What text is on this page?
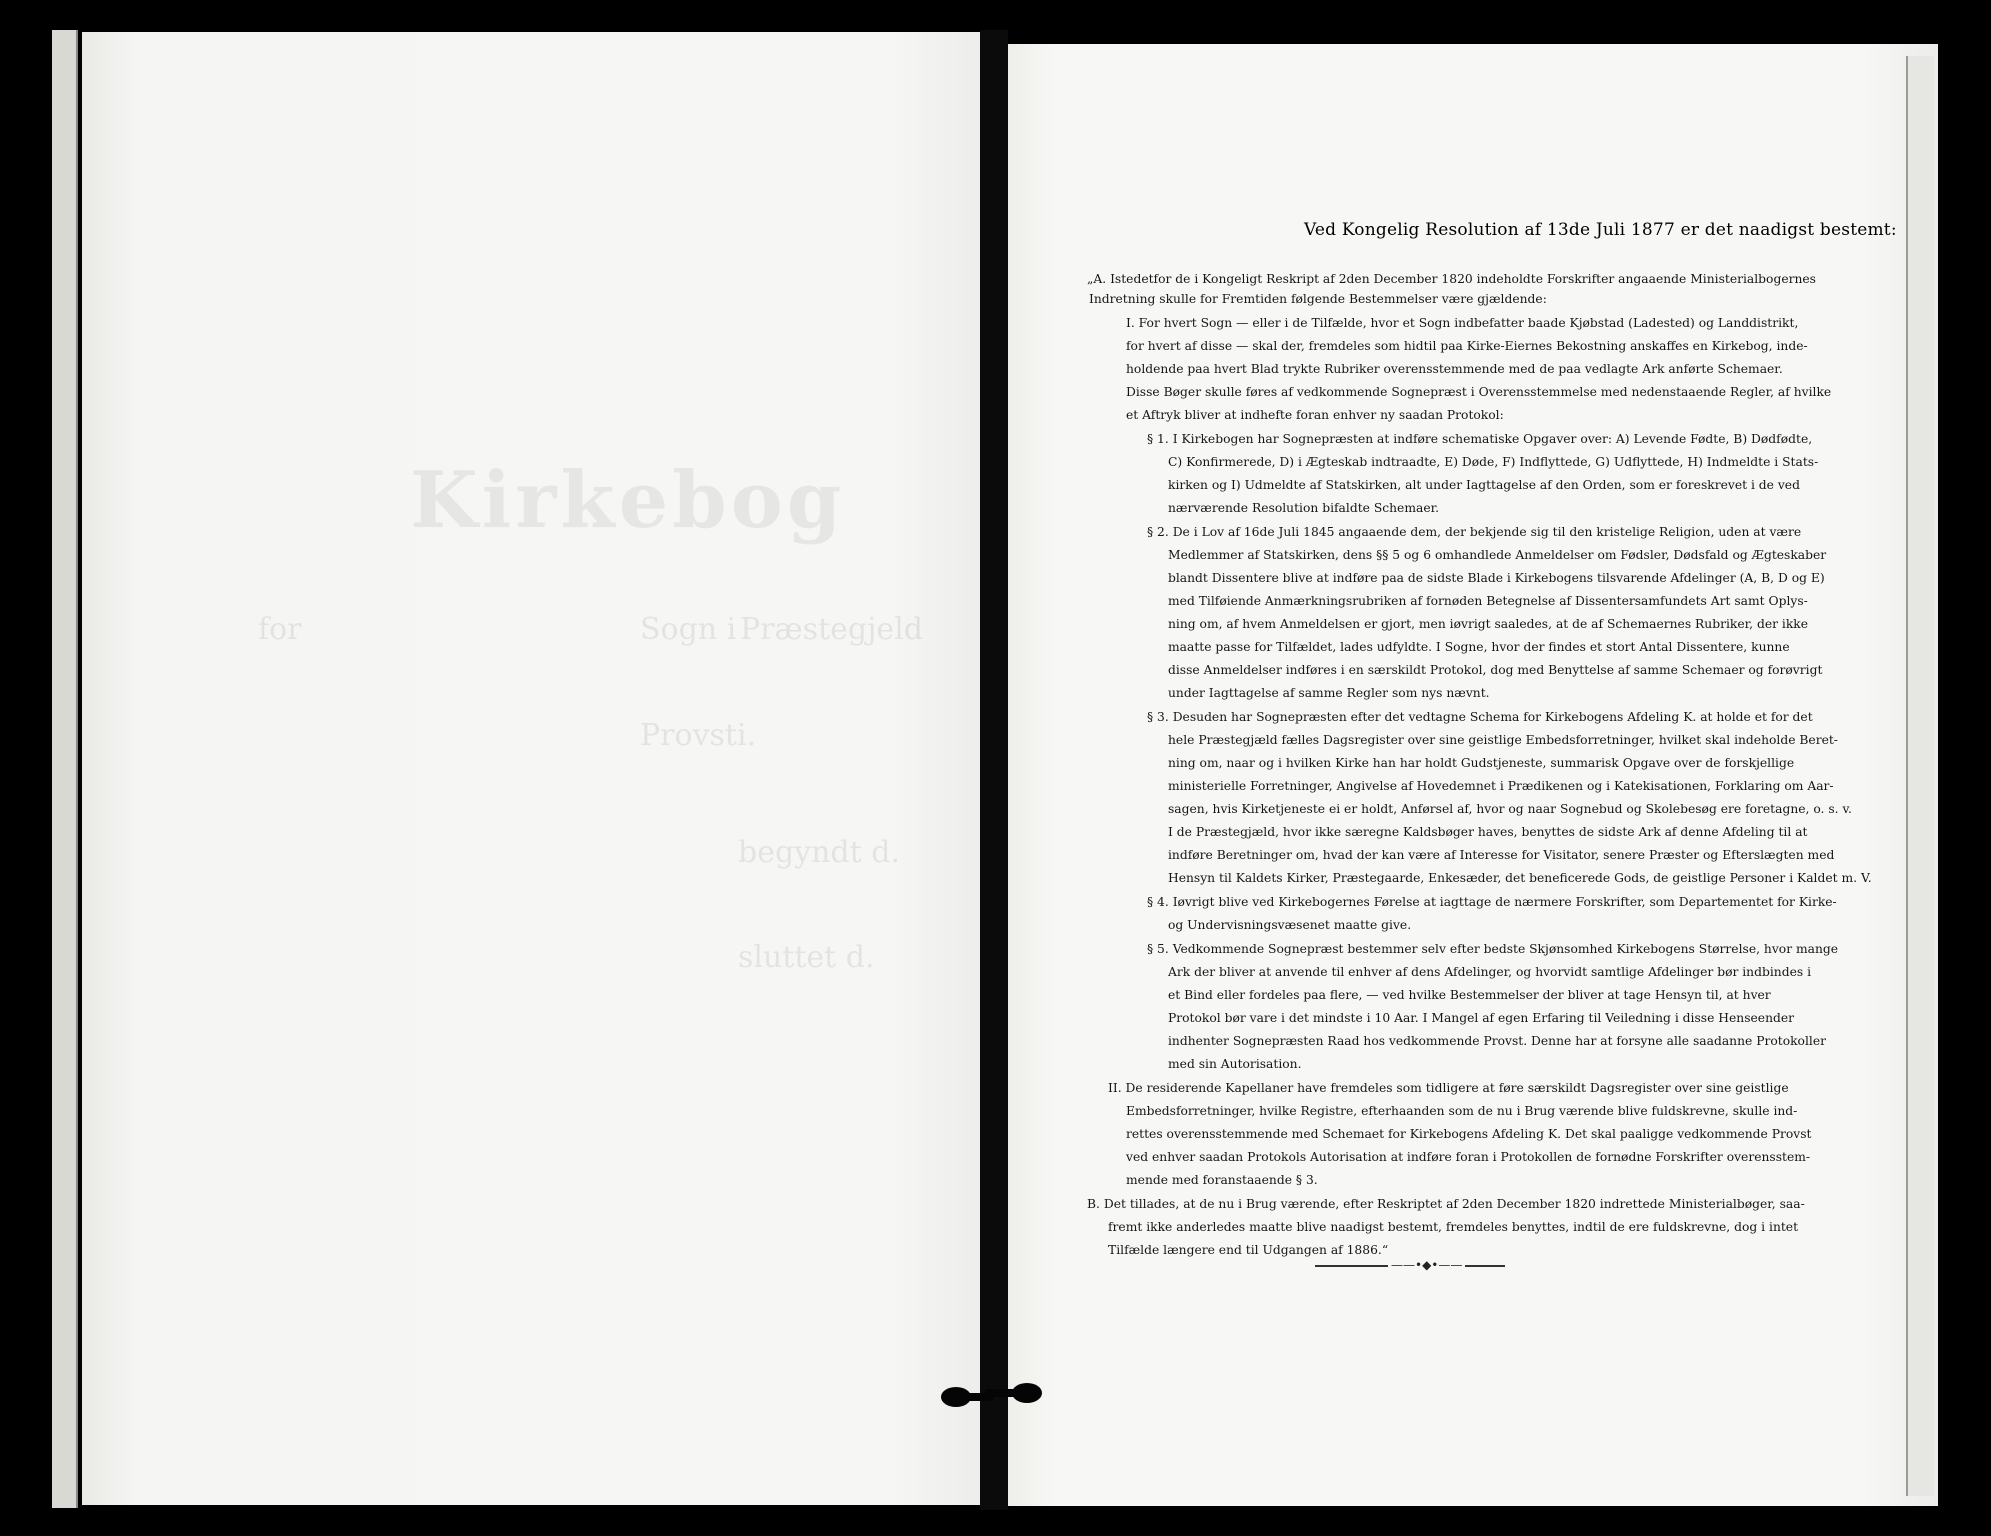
Kirkebog
for	Sogn i
Provsti.
begyndt d.
sluttet d.
Præstegjeld
Ved Kongelig Resolution af 13de Juli 1877 er det naadigst bestemt:
„A. Istedetfor de i Kongeligt Reskript af 2den December 1820 indeholdte Forskrifter angaaende Ministerialbogernes
Indretning skulle for Fremtiden følgende Bestemmelser være gjældende:
I. For hvert Sogn — eller i de Tilfælde, hvor et Sogn indbefatter baade Kjøbstad (Ladested) og Landdistrikt,
for hvert af disse — skal der, fremdeles som hidtil paa Kirke-Eiernes Bekostning anskaffes en Kirkebog, inde-
holdende paa hvert Blad trykte Rubriker overensstemmende med de paa vedlagte Ark anførte Schemaer.
Disse Bøger skulle føres af vedkommende Sognepræst i Overensstemmelse med nedenstaaende Regler, af hvilke
et Aftryk bliver at indhefte foran enhver ny saadan Protokol:
§ 1. I Kirkebogen har Sognepræsten at indføre schematiske Opgaver over: A) Levende Fødte, B) Dødfødte,
C) Konfirmerede, D) i Ægteskab indtraadte, E) Døde, F) Indflyttede, G) Udflyttede, H) Indmeldte i Stats-
kirken og I) Udmeldte af Statskirken, alt under Iagttagelse af den Orden, som er foreskrevet i de ved
nærværende Resolution bifaldte Schemaer.
§ 2. De i Lov af 16de Juli 1845 angaaende dem, der bekjende sig til den kristelige Religion, uden at være
Medlemmer af Statskirken, dens §§ 5 og 6 omhandlede Anmeldelser om Fødsler, Dødsfald og Ægteskaber
blandt Dissentere blive at indføre paa de sidste Blade i Kirkebogens tilsvarende Afdelinger (A, B, D og E)
med Tilføiende Anmærkningsrubriken af fornøden Betegnelse af Dissentersamfundets Art samt Oplys-
ning om, af hvem Anmeldelsen er gjort, men iøvrigt saaledes, at de af Schemaernes Rubriker, der ikke
maatte passe for Tilfældet, lades udfyldte. I Sogne, hvor der findes et stort Antal Dissentere, kunne
disse Anmeldelser indføres i en særskildt Protokol, dog med Benyttelse af samme Schemaer og forøvrigt
under Iagttagelse af samme Regler som nys nævnt.
§ 3. Desuden har Sognepræsten efter det vedtagne Schema for Kirkebogens Afdeling K. at holde et for det
hele Præstegjæld fælles Dagsregister over sine geistlige Embedsforretninger, hvilket skal indeholde Beret-
ning om, naar og i hvilken Kirke han har holdt Gudstjeneste, summarisk Opgave over de forskjellige
ministerielle Forretninger, Angivelse af Hovedemnet i Prædikenen og i Katekisationen, Forklaring om Aar-
sagen, hvis Kirketjeneste ei er holdt, Anførsel af, hvor og naar Sognebud og Skolebesøg ere foretagne, o. s. v.
I de Præstegjæld, hvor ikke særegne Kaldsbøger haves, benyttes de sidste Ark af denne Afdeling til at
indføre Beretninger om, hvad der kan være af Interesse for Visitator, senere Præster og Efterslægten med
Hensyn til Kaldets Kirker, Præstegaarde, Enkesæder, det beneficerede Gods, de geistlige Personer i Kaldet m. V.
§ 4. Iøvrigt blive ved Kirkebogernes Førelse at iagttage de nærmere Forskrifter, som Departementet for Kirke-
og Undervisningsvæsenet maatte give.
§ 5. Vedkommende Sognepræst bestemmer selv efter bedste Skjønsomhed Kirkebogens Størrelse, hvor mange
Ark der bliver at anvende til enhver af dens Afdelinger, og hvorvidt samtlige Afdelinger bør indbindes i
et Bind eller fordeles paa flere, — ved hvilke Bestemmelser der bliver at tage Hensyn til, at hver
Protokol bør vare i det mindste i 10 Aar. I Mangel af egen Erfaring til Veiledning i disse Henseender
indhenter Sognepræsten Raad hos vedkommende Provst. Denne har at forsyne alle saadanne Protokoller
med sin Autorisation.
II. De residerende Kapellaner have fremdeles som tidligere at føre særskildt Dagsregister over sine geistlige
Embedsforretninger, hvilke Registre, efterhaanden som de nu i Brug værende blive fuldskrevne, skulle ind-
rettes overensstemmende med Schemaet for Kirkebogens Afdeling K. Det skal paaligge vedkommende Provst
ved enhver saadan Protokols Autorisation at indføre foran i Protokollen de fornødne Forskrifter overensstem-
mende med foranstaaende § 3.
B. Det tillades, at de nu i Brug værende, efter Reskriptet af 2den December 1820 indrettede Ministerialbøger, saa-
fremt ikke anderledes maatte blive naadigst bestemt, fremdeles benyttes, indtil de ere fuldskrevne, dog i intet
Tilfælde længere end til Udgangen af 1886.“
——•◆•——
